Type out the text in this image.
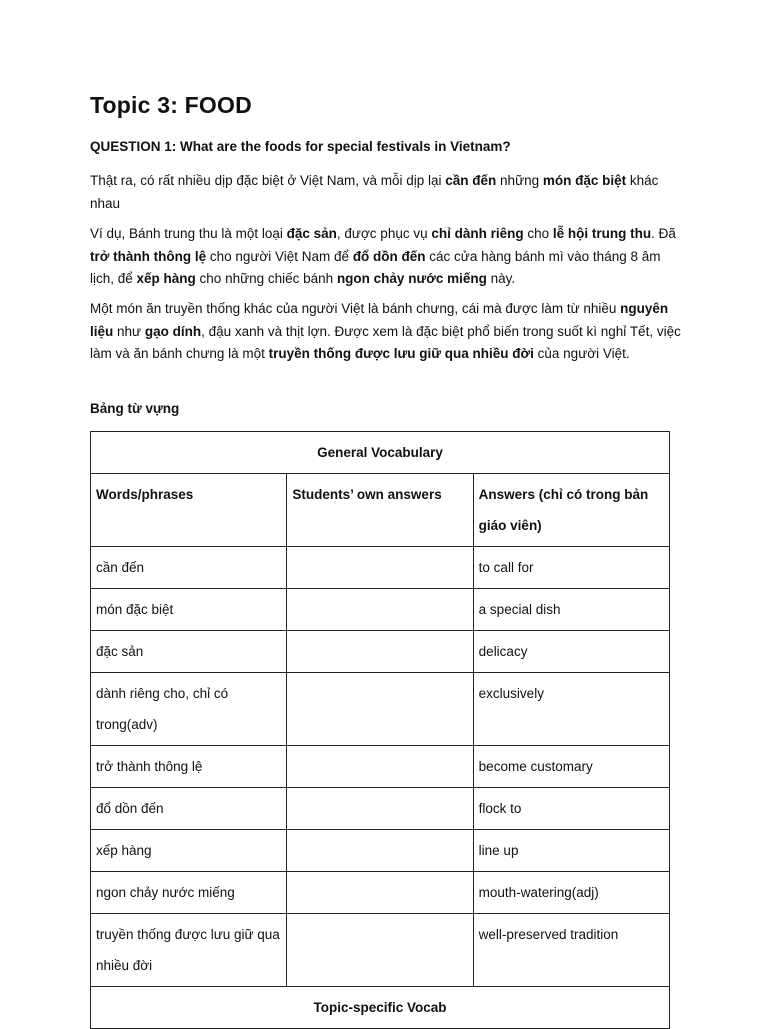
Topic 3: FOOD
QUESTION 1: What are the foods for special festivals in Vietnam?
Thật ra, có rất nhiều dịp đặc biệt ở Việt Nam, và mỗi dịp lại cần đến những món đặc biệt khác nhau
Ví dụ, Bánh trung thu là một loại đặc sản, được phục vụ chỉ dành riêng cho lễ hội trung thu. Đã trở thành thông lệ cho người Việt Nam để đổ dồn đến các cửa hàng bánh mì vào tháng 8 âm lịch, để xếp hàng cho những chiếc bánh ngon chảy nước miếng này.
Một món ăn truyền thống khác của người Việt là bánh chưng, cái mà được làm từ nhiều nguyên liệu như gạo dính, đậu xanh và thịt lợn. Được xem là đặc biệt phổ biến trong suốt kì nghỉ Tết, việc làm và ăn bánh chưng là một truyền thống được lưu giữ qua nhiều đời của người Việt.
Bảng từ vựng
General Vocabulary		
Words/phrases	Students’ own answers	Answers (chỉ có trong bản giáo viên)
cần đến		to call for
món đặc biệt		a special dish
đặc sản		delicacy
dành riêng cho, chỉ có trong(adv)		exclusively
trở thành thông lệ		become customary
đổ dồn đến		flock to
xếp hàng		line up
ngon chảy nước miếng		mouth-watering(adj)
truyền thống được lưu giữ qua nhiều đời		well-preserved tradition
Topic-specific Vocab		
